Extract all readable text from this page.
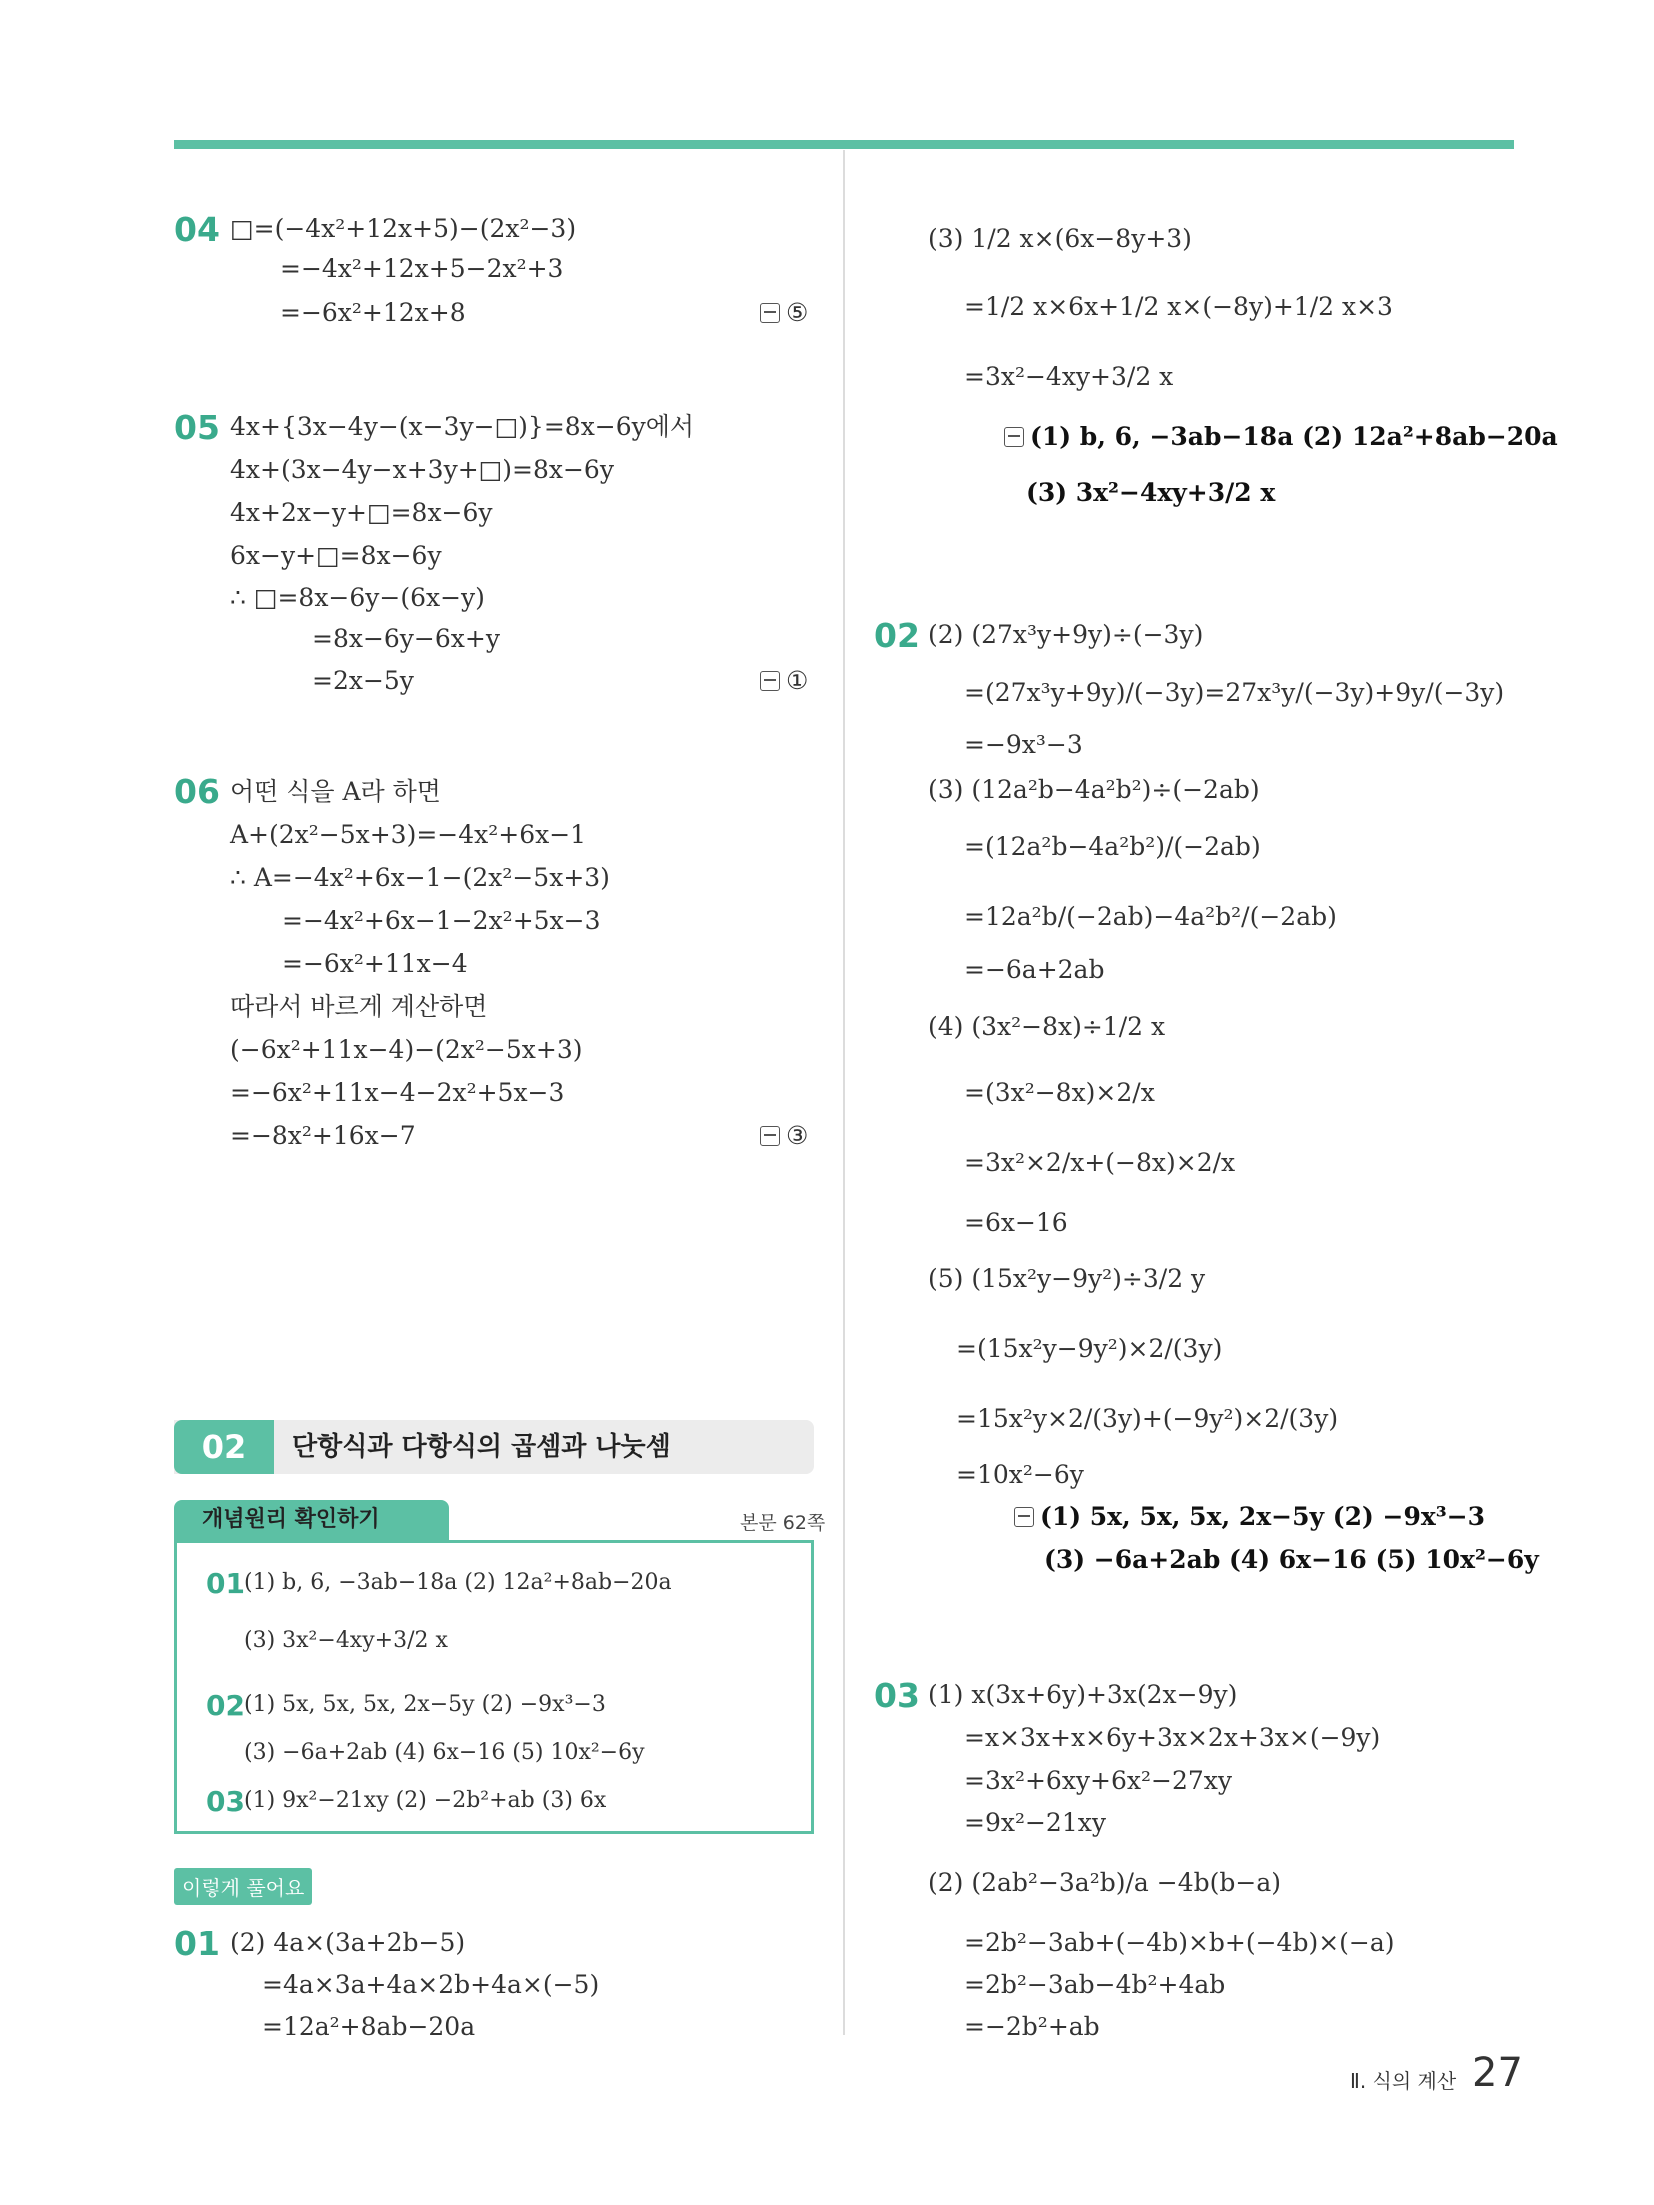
04 □=(−4x²+12x+5)−(2x²−3)
=−4x²+12x+5−2x²+3
=−6x²+12x+8	⑤
05 4x+{3x−4y−(x−3y−□)}=8x−6y에서
4x+(3x−4y−x+3y+□)=8x−6y
4x+2x−y+□=8x−6y
6x−y+□=8x−6y
∴ □=8x−6y−(6x−y)
=8x−6y−6x+y
=2x−5y	①
06 어떤 식을 A라 하면
A+(2x²−5x+3)=−4x²+6x−1
∴ A=−4x²+6x−1−(2x²−5x+3)
=−4x²+6x−1−2x²+5x−3
=−6x²+11x−4
따라서 바르게 계산하면
(−6x²+11x−4)−(2x²−5x+3)
=−6x²+11x−4−2x²+5x−3
=−8x²+16x−7	③
02	단항식과 다항식의 곱셈과 나눗셈
개념원리 확인하기	본문 62쪽
01 (1) b, 6, −3ab−18a (2) 12a²+8ab−20a
(3) 3x²−4xy+3/2 x
02 (1) 5x, 5x, 5x, 2x−5y (2) −9x³−3
(3) −6a+2ab (4) 6x−16 (5) 10x²−6y
03 (1) 9x²−21xy (2) −2b²+ab (3) 6x
이렇게 풀어요
01 (2) 4a×(3a+2b−5)
=4a×3a+4a×2b+4a×(−5)
=12a²+8ab−20a
(3) 1/2 x×(6x−8y+3)
=1/2 x×6x+1/2 x×(−8y)+1/2 x×3
=3x²−4xy+3/2 x
(1) b, 6, −3ab−18a (2) 12a²+8ab−20a
(3) 3x²−4xy+3/2 x
02 (2) (27x³y+9y)÷(−3y)
=(27x³y+9y)/(−3y)=27x³y/(−3y)+9y/(−3y)
=−9x³−3
(3) (12a²b−4a²b²)÷(−2ab)
=(12a²b−4a²b²)/(−2ab)
=12a²b/(−2ab)−4a²b²/(−2ab)
=−6a+2ab
(4) (3x²−8x)÷1/2 x
=(3x²−8x)×2/x
=3x²×2/x+(−8x)×2/x
=6x−16
(5) (15x²y−9y²)÷3/2 y
=(15x²y−9y²)×2/(3y)
=15x²y×2/(3y)+(−9y²)×2/(3y)
=10x²−6y
(1) 5x, 5x, 5x, 2x−5y (2) −9x³−3
(3) −6a+2ab (4) 6x−16 (5) 10x²−6y
03 (1) x(3x+6y)+3x(2x−9y)
=x×3x+x×6y+3x×2x+3x×(−9y)
=3x²+6xy+6x²−27xy
=9x²−21xy
(2) (2ab²−3a²b)/a −4b(b−a)
=2b²−3ab+(−4b)×b+(−4b)×(−a)
=2b²−3ab−4b²+4ab
=−2b²+ab
Ⅱ. 식의 계산 27
